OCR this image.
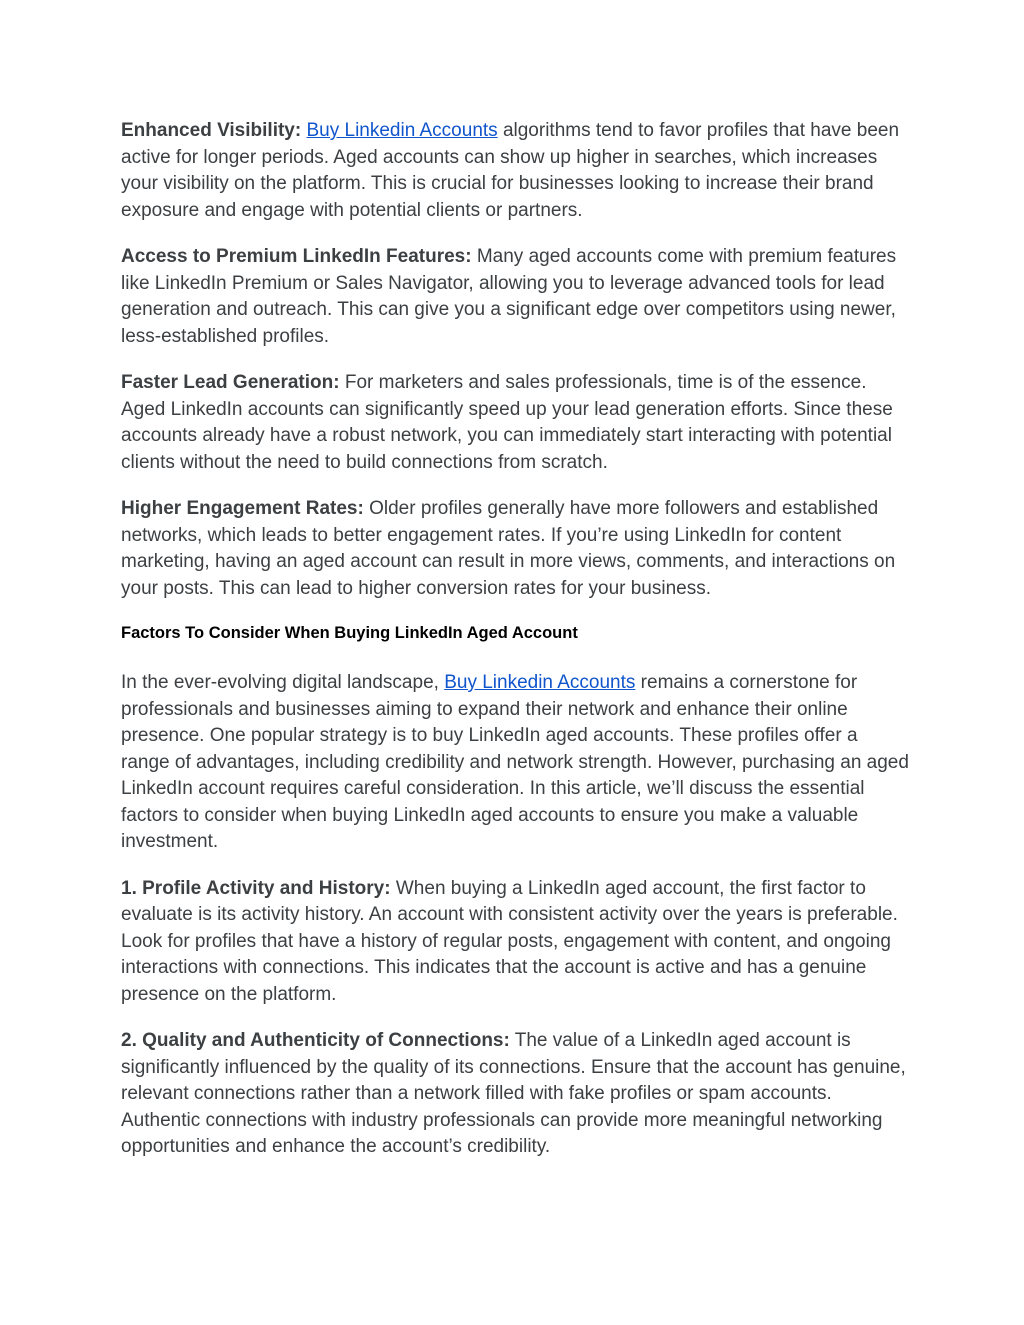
Enhanced Visibility: Buy Linkedin Accounts algorithms tend to favor profiles that have been active for longer periods. Aged accounts can show up higher in searches, which increases your visibility on the platform. This is crucial for businesses looking to increase their brand exposure and engage with potential clients or partners.

Access to Premium LinkedIn Features: Many aged accounts come with premium features like LinkedIn Premium or Sales Navigator, allowing you to leverage advanced tools for lead generation and outreach. This can give you a significant edge over competitors using newer, less-established profiles.

Faster Lead Generation: For marketers and sales professionals, time is of the essence. Aged LinkedIn accounts can significantly speed up your lead generation efforts. Since these accounts already have a robust network, you can immediately start interacting with potential clients without the need to build connections from scratch.

Higher Engagement Rates: Older profiles generally have more followers and established networks, which leads to better engagement rates. If you’re using LinkedIn for content marketing, having an aged account can result in more views, comments, and interactions on your posts. This can lead to higher conversion rates for your business.

Factors To Consider When Buying LinkedIn Aged Account

In the ever-evolving digital landscape, Buy Linkedin Accounts remains a cornerstone for professionals and businesses aiming to expand their network and enhance their online presence. One popular strategy is to buy LinkedIn aged accounts. These profiles offer a range of advantages, including credibility and network strength. However, purchasing an aged LinkedIn account requires careful consideration. In this article, we’ll discuss the essential factors to consider when buying LinkedIn aged accounts to ensure you make a valuable investment.

1. Profile Activity and History: When buying a LinkedIn aged account, the first factor to evaluate is its activity history. An account with consistent activity over the years is preferable. Look for profiles that have a history of regular posts, engagement with content, and ongoing interactions with connections. This indicates that the account is active and has a genuine presence on the platform.

2. Quality and Authenticity of Connections: The value of a LinkedIn aged account is significantly influenced by the quality of its connections. Ensure that the account has genuine, relevant connections rather than a network filled with fake profiles or spam accounts. Authentic connections with industry professionals can provide more meaningful networking opportunities and enhance the account’s credibility.
